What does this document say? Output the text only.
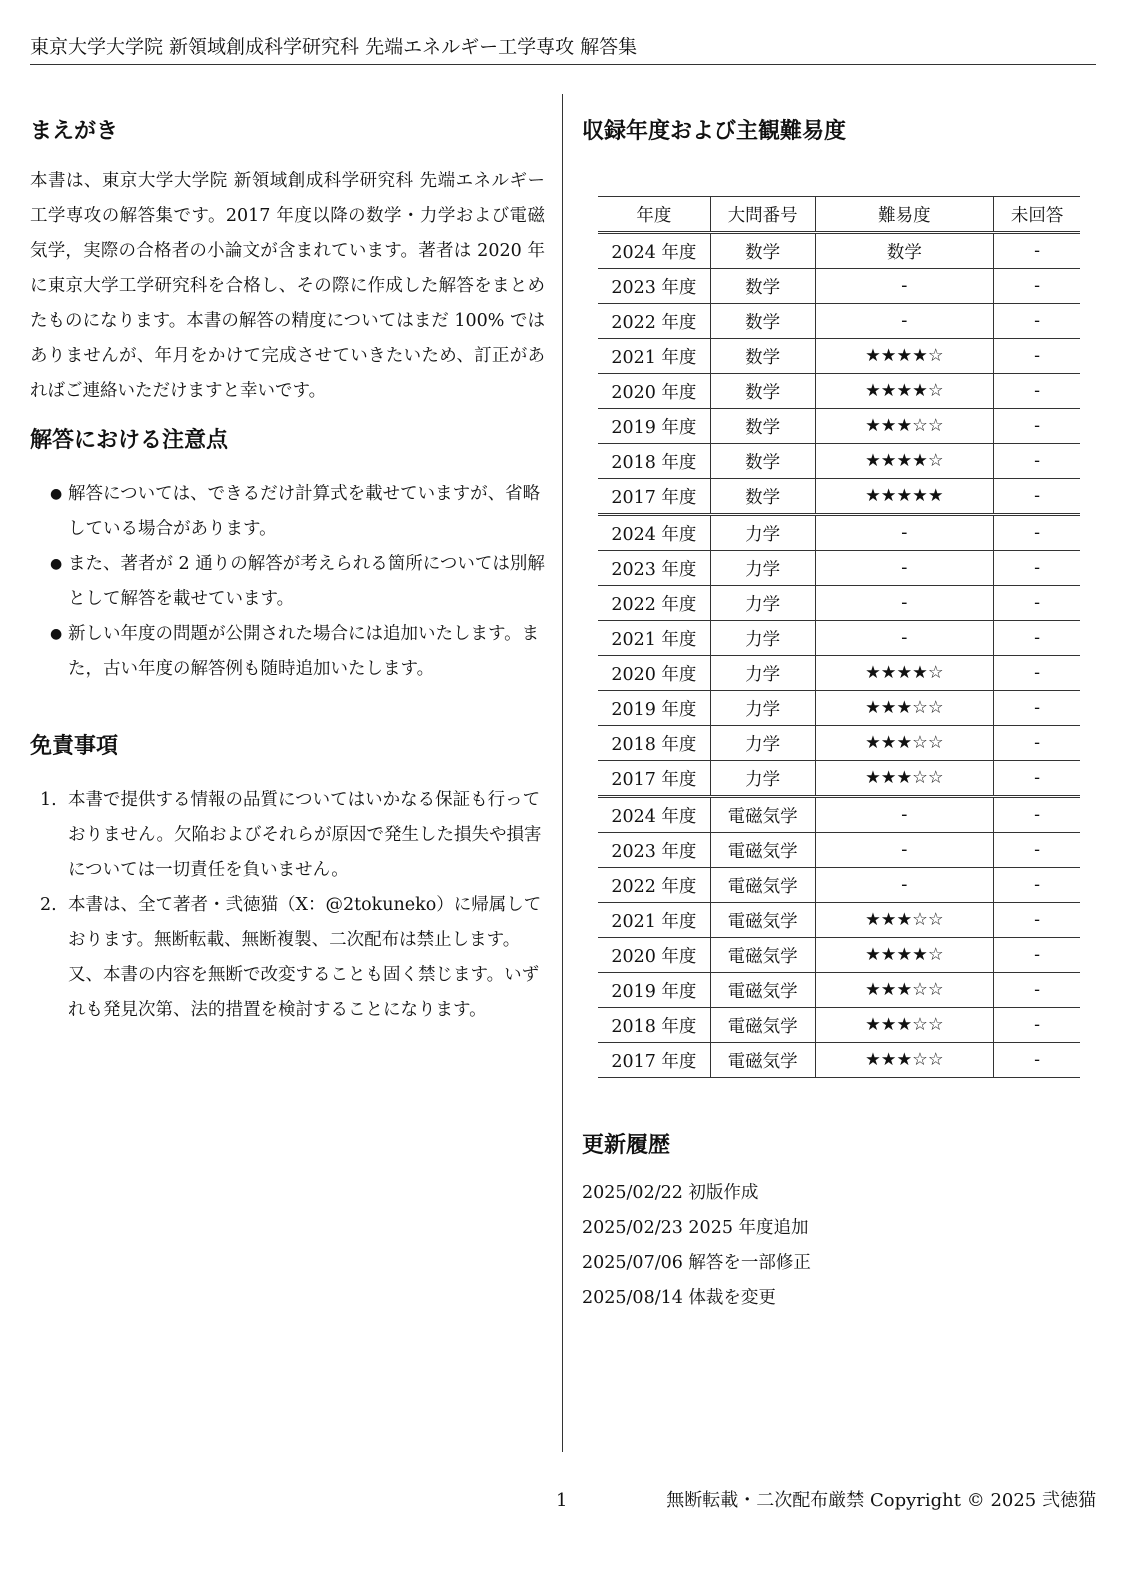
東京大学大学院 新領域創成科学研究科 先端エネルギー工学専攻 解答集
まえがき

本書は、東京大学大学院 新領域創成科学研究科 先端エネルギー工学専攻の解答集です。2017 年度以降の数学・力学および電磁気学，実際の合格者の小論文が含まれています。著者は 2020 年に東京大学工学研究科を合格し、その際に作成した解答をまとめたものになります。本書の解答の精度についてはまだ 100% ではありませんが、年月をかけて完成させていきたいため、訂正があればご連絡いただけますと幸いです。

解答における注意点
● 解答については、できるだけ計算式を載せていますが、省略している場合があります。
● また、著者が 2 通りの解答が考えられる箇所については別解として解答を載せています。
● 新しい年度の問題が公開された場合には追加いたします。また，古い年度の解答例も随時追加いたします。
免責事項
1. 本書で提供する情報の品質についてはいかなる保証も行っておりません。欠陥およびそれらが原因で発生した損失や損害については一切責任を負いません。
2. 本書は、全て著者・弐徳猫（X：@2tokuneko）に帰属しております。無断転載、無断複製、二次配布は禁止します。又、本書の内容を無断で改変することも固く禁じます。いずれも発見次第、法的措置を検討することになります。
収録年度および主観難易度
年度	大問番号	難易度	未回答
2024 年度	数学	数学	-
2023 年度	数学	-	-
2022 年度	数学	-	-
2021 年度	数学	★★★★☆	-
2020 年度	数学	★★★★☆	-
2019 年度	数学	★★★☆☆	-
2018 年度	数学	★★★★☆	-
2017 年度	数学	★★★★★	-
2024 年度	力学	-	-
2023 年度	力学	-	-
2022 年度	力学	-	-
2021 年度	力学	-	-
2020 年度	力学	★★★★☆	-
2019 年度	力学	★★★☆☆	-
2018 年度	力学	★★★☆☆	-
2017 年度	力学	★★★☆☆	-
2024 年度	電磁気学	-	-
2023 年度	電磁気学	-	-
2022 年度	電磁気学	-	-
2021 年度	電磁気学	★★★☆☆	-
2020 年度	電磁気学	★★★★☆	-
2019 年度	電磁気学	★★★☆☆	-
2018 年度	電磁気学	★★★☆☆	-
2017 年度	電磁気学	★★★☆☆	-
更新履歴
2025/02/22 初版作成
2025/02/23 2025 年度追加
2025/07/06 解答を一部修正
2025/08/14 体裁を変更
1	無断転載・二次配布厳禁 Copyright © 2025 弐徳猫
